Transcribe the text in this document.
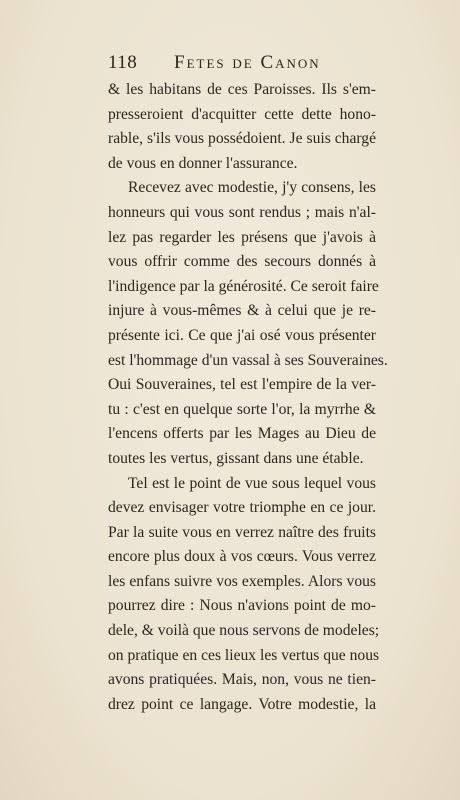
118 Fetes de Canon
& les habitans de ces Paroisses. Ils s'em-
presseroient d'acquitter cette dette hono-
rable, s'ils vous possédoient. Je suis chargé
de vous en donner l'assurance.
Recevez avec modestie, j'y consens, les
honneurs qui vous sont rendus ; mais n'al-
lez pas regarder les présens que j'avois à
vous offrir comme des secours donnés à
l'indigence par la générosité. Ce seroit faire
injure à vous-mêmes & à celui que je re-
présente ici. Ce que j'ai osé vous présenter
est l'hommage d'un vassal à ses Souveraines.
Oui Souveraines, tel est l'empire de la ver-
tu : c'est en quelque sorte l'or, la myrrhe &
l'encens offerts par les Mages au Dieu de
toutes les vertus, gissant dans une étable.
Tel est le point de vue sous lequel vous
devez envisager votre triomphe en ce jour.
Par la suite vous en verrez naître des fruits
encore plus doux à vos cœurs. Vous verrez
les enfans suivre vos exemples. Alors vous
pourrez dire : Nous n'avions point de mo-
dele, & voilà que nous servons de modeles;
on pratique en ces lieux les vertus que nous
avons pratiquées. Mais, non, vous ne tien-
drez point ce langage. Votre modestie, la
